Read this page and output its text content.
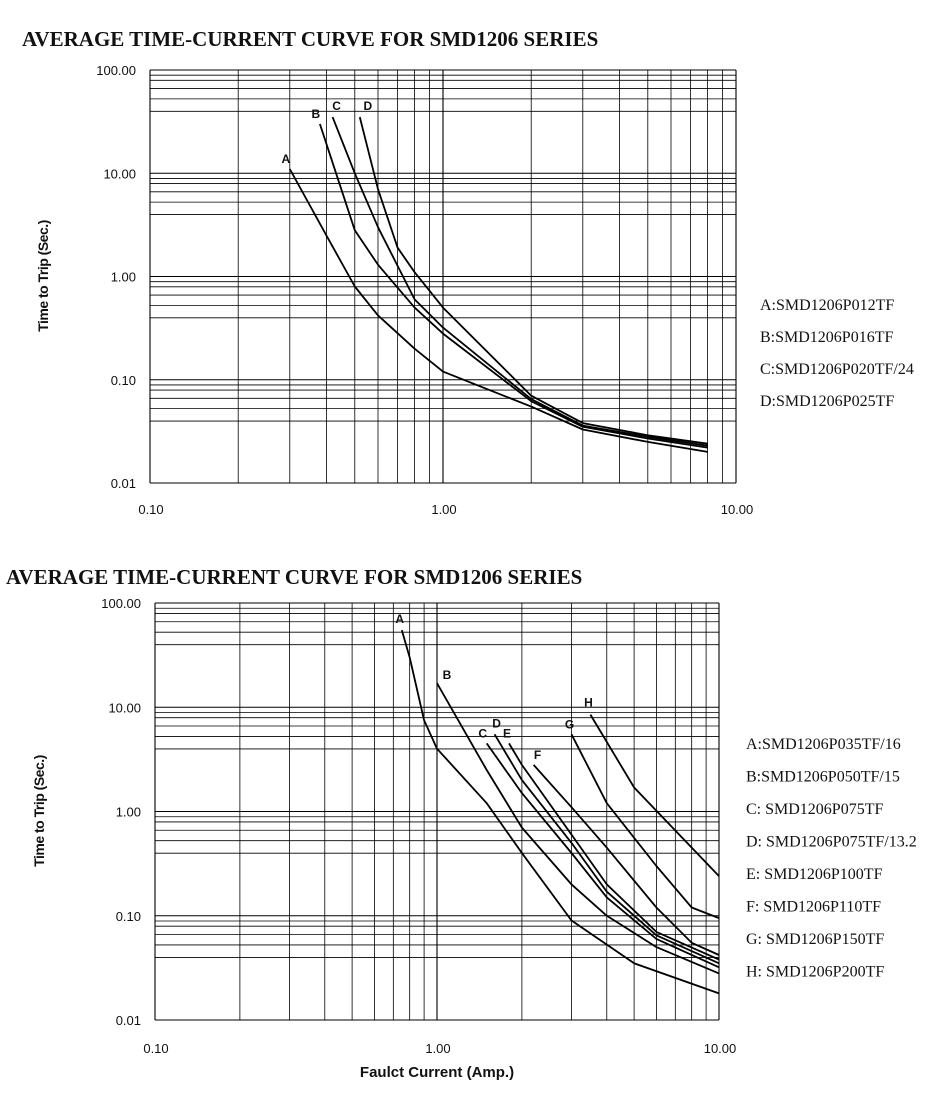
AVERAGE TIME-CURRENT CURVE FOR SMD1206 SERIES
100.00
10.00
1.00
0.10
0.01
0.10	1.00	10.00
Time to Trip (Sec.)
A
B
C D
A:SMD1206P012TF
B:SMD1206P016TF
C:SMD1206P020TF/24
D:SMD1206P025TF
AVERAGE TIME-CURRENT CURVE FOR SMD1206 SERIES
100.00
10.00
1.00
0.10
0.01
0.10	1.00	10.00
Time to Trip (Sec.)
Faulct Current (Amp.)
A
B
C
D
E
F
G
H
A:SMD1206P035TF/16
B:SMD1206P050TF/15
C: SMD1206P075TF
D: SMD1206P075TF/13.2
E: SMD1206P100TF
F: SMD1206P110TF
G: SMD1206P150TF
H: SMD1206P200TF
